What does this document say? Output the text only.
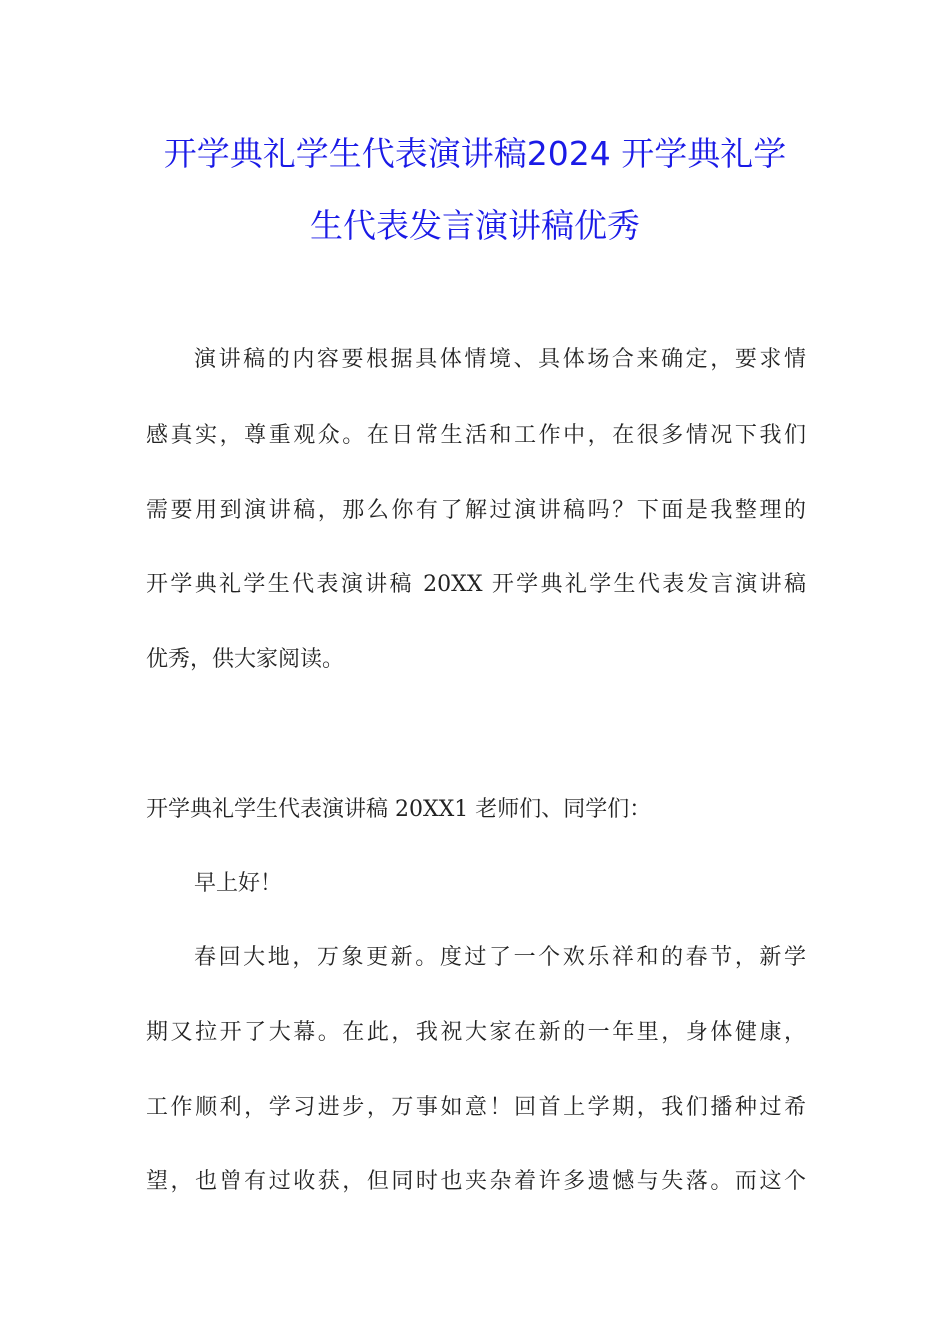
开学典礼学生代表演讲稿2024 开学典礼学
生代表发言演讲稿优秀
演讲稿的内容要根据具体情境、具体场合来确定，要求情
感真实，尊重观众。在日常生活和工作中，在很多情况下我们
需要用到演讲稿，那么你有了解过演讲稿吗？下面是我整理的
开学典礼学生代表演讲稿 20XX 开学典礼学生代表发言演讲稿
优秀，供大家阅读。
开学典礼学生代表演讲稿 20XX1 老师们、同学们：
早上好！
春回大地，万象更新。度过了一个欢乐祥和的春节，新学
期又拉开了大幕。在此，我祝大家在新的一年里，身体健康，
工作顺利，学习进步，万事如意！回首上学期，我们播种过希
望，也曾有过收获，但同时也夹杂着许多遗憾与失落。而这个
